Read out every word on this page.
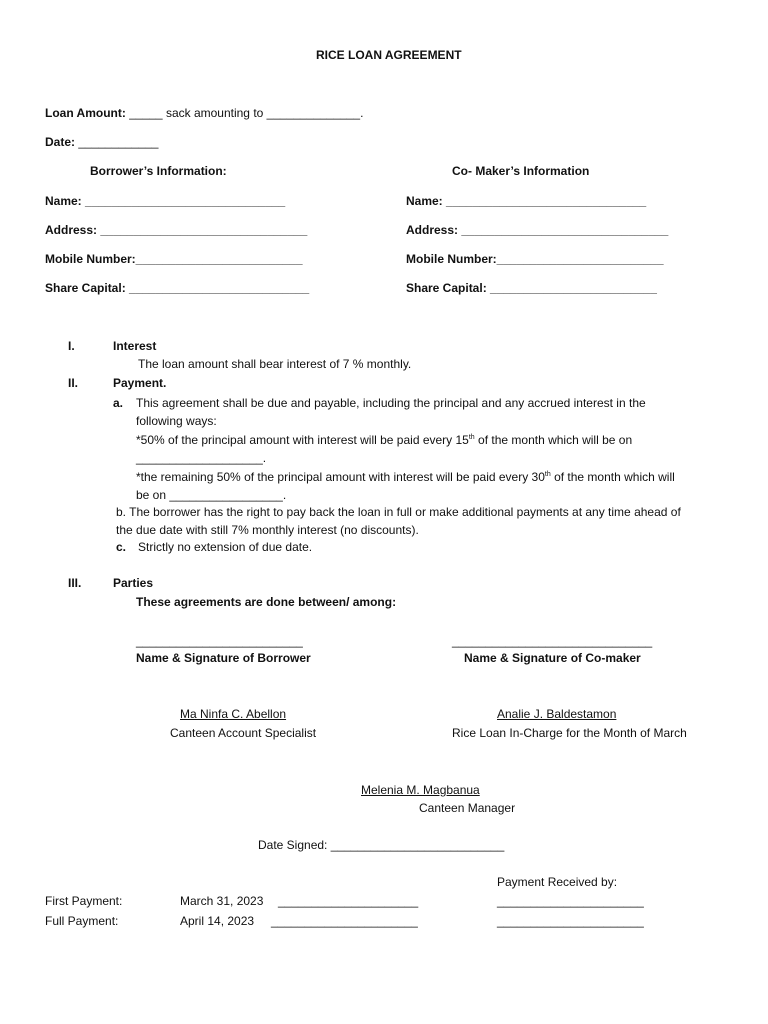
RICE LOAN AGREEMENT
Loan Amount: _____ sack amounting to ______________.
Date: ____________
Borrower’s Information:	Co- Maker’s Information
Name: ______________________________
Address: _______________________________
Mobile Number:_________________________
Share Capital: ___________________________
Name: ______________________________
Address: _______________________________
Mobile Number:_________________________
Share Capital: _________________________
I.	Interest
The loan amount shall bear interest of 7 % monthly.
II.	Payment.
a. This agreement shall be due and payable, including the principal and any accrued interest in the
following ways:
*50% of the principal amount with interest will be paid every 15th of the month which will be on
___________________.
*the remaining 50% of the principal amount with interest will be paid every 30th of the month which will
be on _________________.
b. The borrower has the right to pay back the loan in full or make additional payments at any time ahead of
the due date with still 7% monthly interest (no discounts).
c. Strictly no extension of due date.
III.	Parties
These agreements are done between/ among:
_________________________
Name & Signature of Borrower
______________________________
Name & Signature of Co-maker
Ma Ninfa C. Abellon
Canteen Account Specialist
Analie J. Baldestamon
Rice Loan In-Charge for the Month of March
Melenia M. Magbanua
Canteen Manager
Date Signed: __________________________
Payment Received by:
First Payment:	March 31, 2023 _____________________	______________________
Full Payment:	April 14, 2023 ______________________	______________________
